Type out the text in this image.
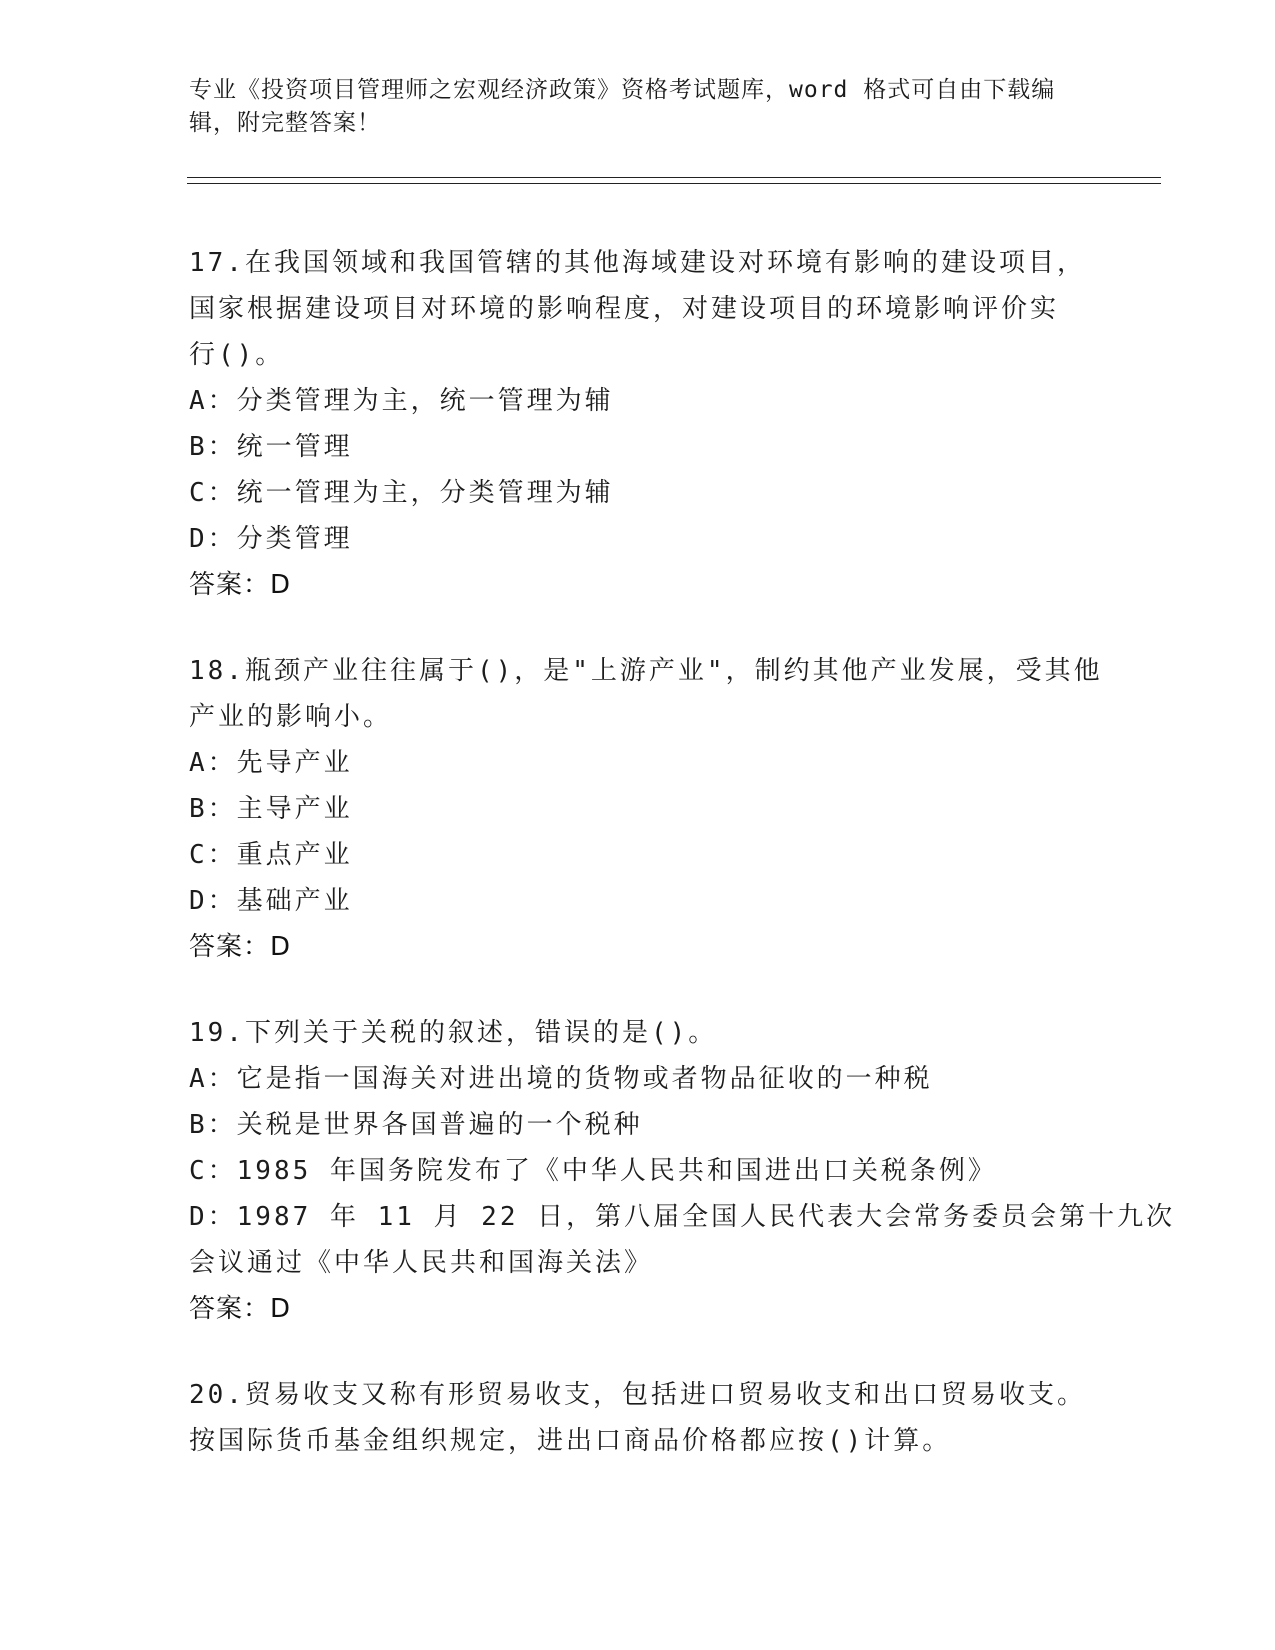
专业《投资项目管理师之宏观经济政策》资格考试题库，word 格式可自由下载编
辑，附完整答案！
17.在我国领域和我国管辖的其他海域建设对环境有影响的建设项目，
国家根据建设项目对环境的影响程度，对建设项目的环境影响评价实
行()。
A：分类管理为主，统一管理为辅
B：统一管理
C：统一管理为主，分类管理为辅
D：分类管理
答案：D
18.瓶颈产业往往属于()，是"上游产业"，制约其他产业发展，受其他
产业的影响小。
A：先导产业
B：主导产业
C：重点产业
D：基础产业
答案：D
19.下列关于关税的叙述，错误的是()。
A：它是指一国海关对进出境的货物或者物品征收的一种税
B：关税是世界各国普遍的一个税种
C：1985 年国务院发布了《中华人民共和国进出口关税条例》
D：1987 年 11 月 22 日，第八届全国人民代表大会常务委员会第十九次
会议通过《中华人民共和国海关法》
答案：D
20.贸易收支又称有形贸易收支，包括进口贸易收支和出口贸易收支。
按国际货币基金组织规定，进出口商品价格都应按()计算。
